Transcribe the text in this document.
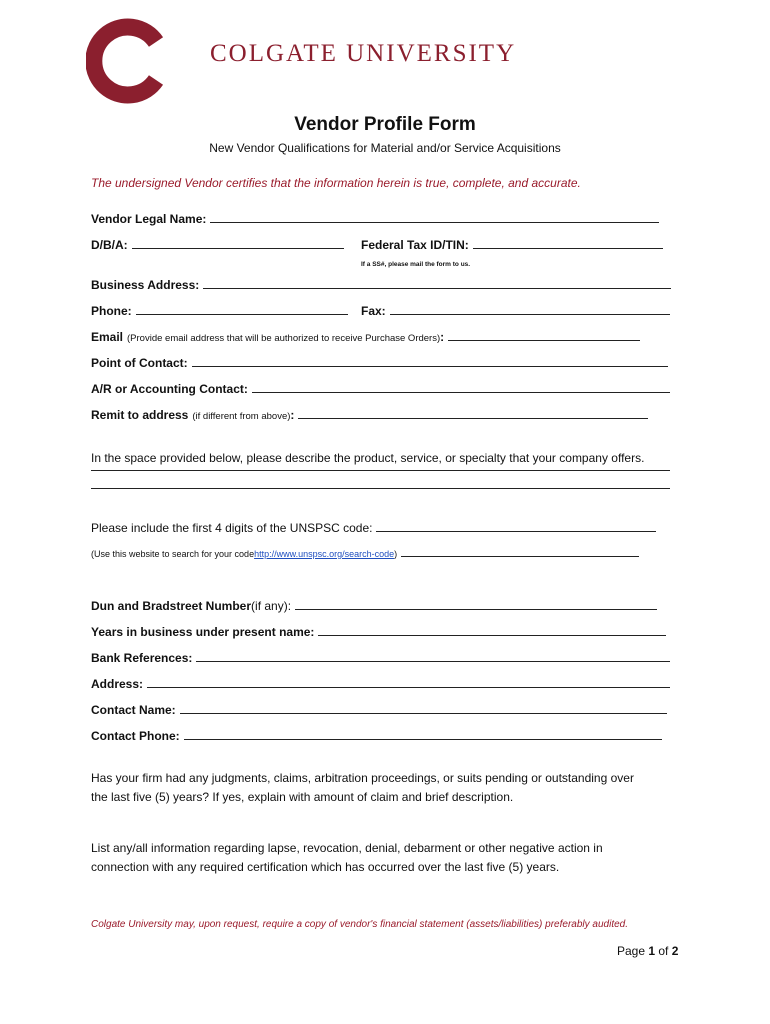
COLGATE UNIVERSITY
Vendor Profile Form
New Vendor Qualifications for Material and/or Service Acquisitions
The undersigned Vendor certifies that the information herein is true, complete, and accurate.
Vendor Legal Name:
D/B/A:	Federal Tax ID/TIN:
If a SS#, please mail the form to us.
Business Address:
Phone:	Fax:
Email (Provide email address that will be authorized to receive Purchase Orders) :
Point of Contact:
A/R or Accounting Contact:
Remit to address (if different from above) :
In the space provided below, please describe the product, service, or specialty that your company offers.
Please include the first 4 digits of the UNSPSC code:
(Use this website to search for your code http://www.unspsc.org/search-code )
Dun and Bradstreet Number (if any):
Years in business under present name:
Bank References:
Address:
Contact Name:
Contact Phone:
Has your firm had any judgments, claims, arbitration proceedings, or suits pending or outstanding over
the last five (5) years? If yes, explain with amount of claim and brief description.
List any/all information regarding lapse, revocation, denial, debarment or other negative action in
connection with any required certification which has occurred over the last five (5) years.
Colgate University may, upon request, require a copy of vendor's financial statement (assets/liabilities) preferably audited.
Page 1 of 2
